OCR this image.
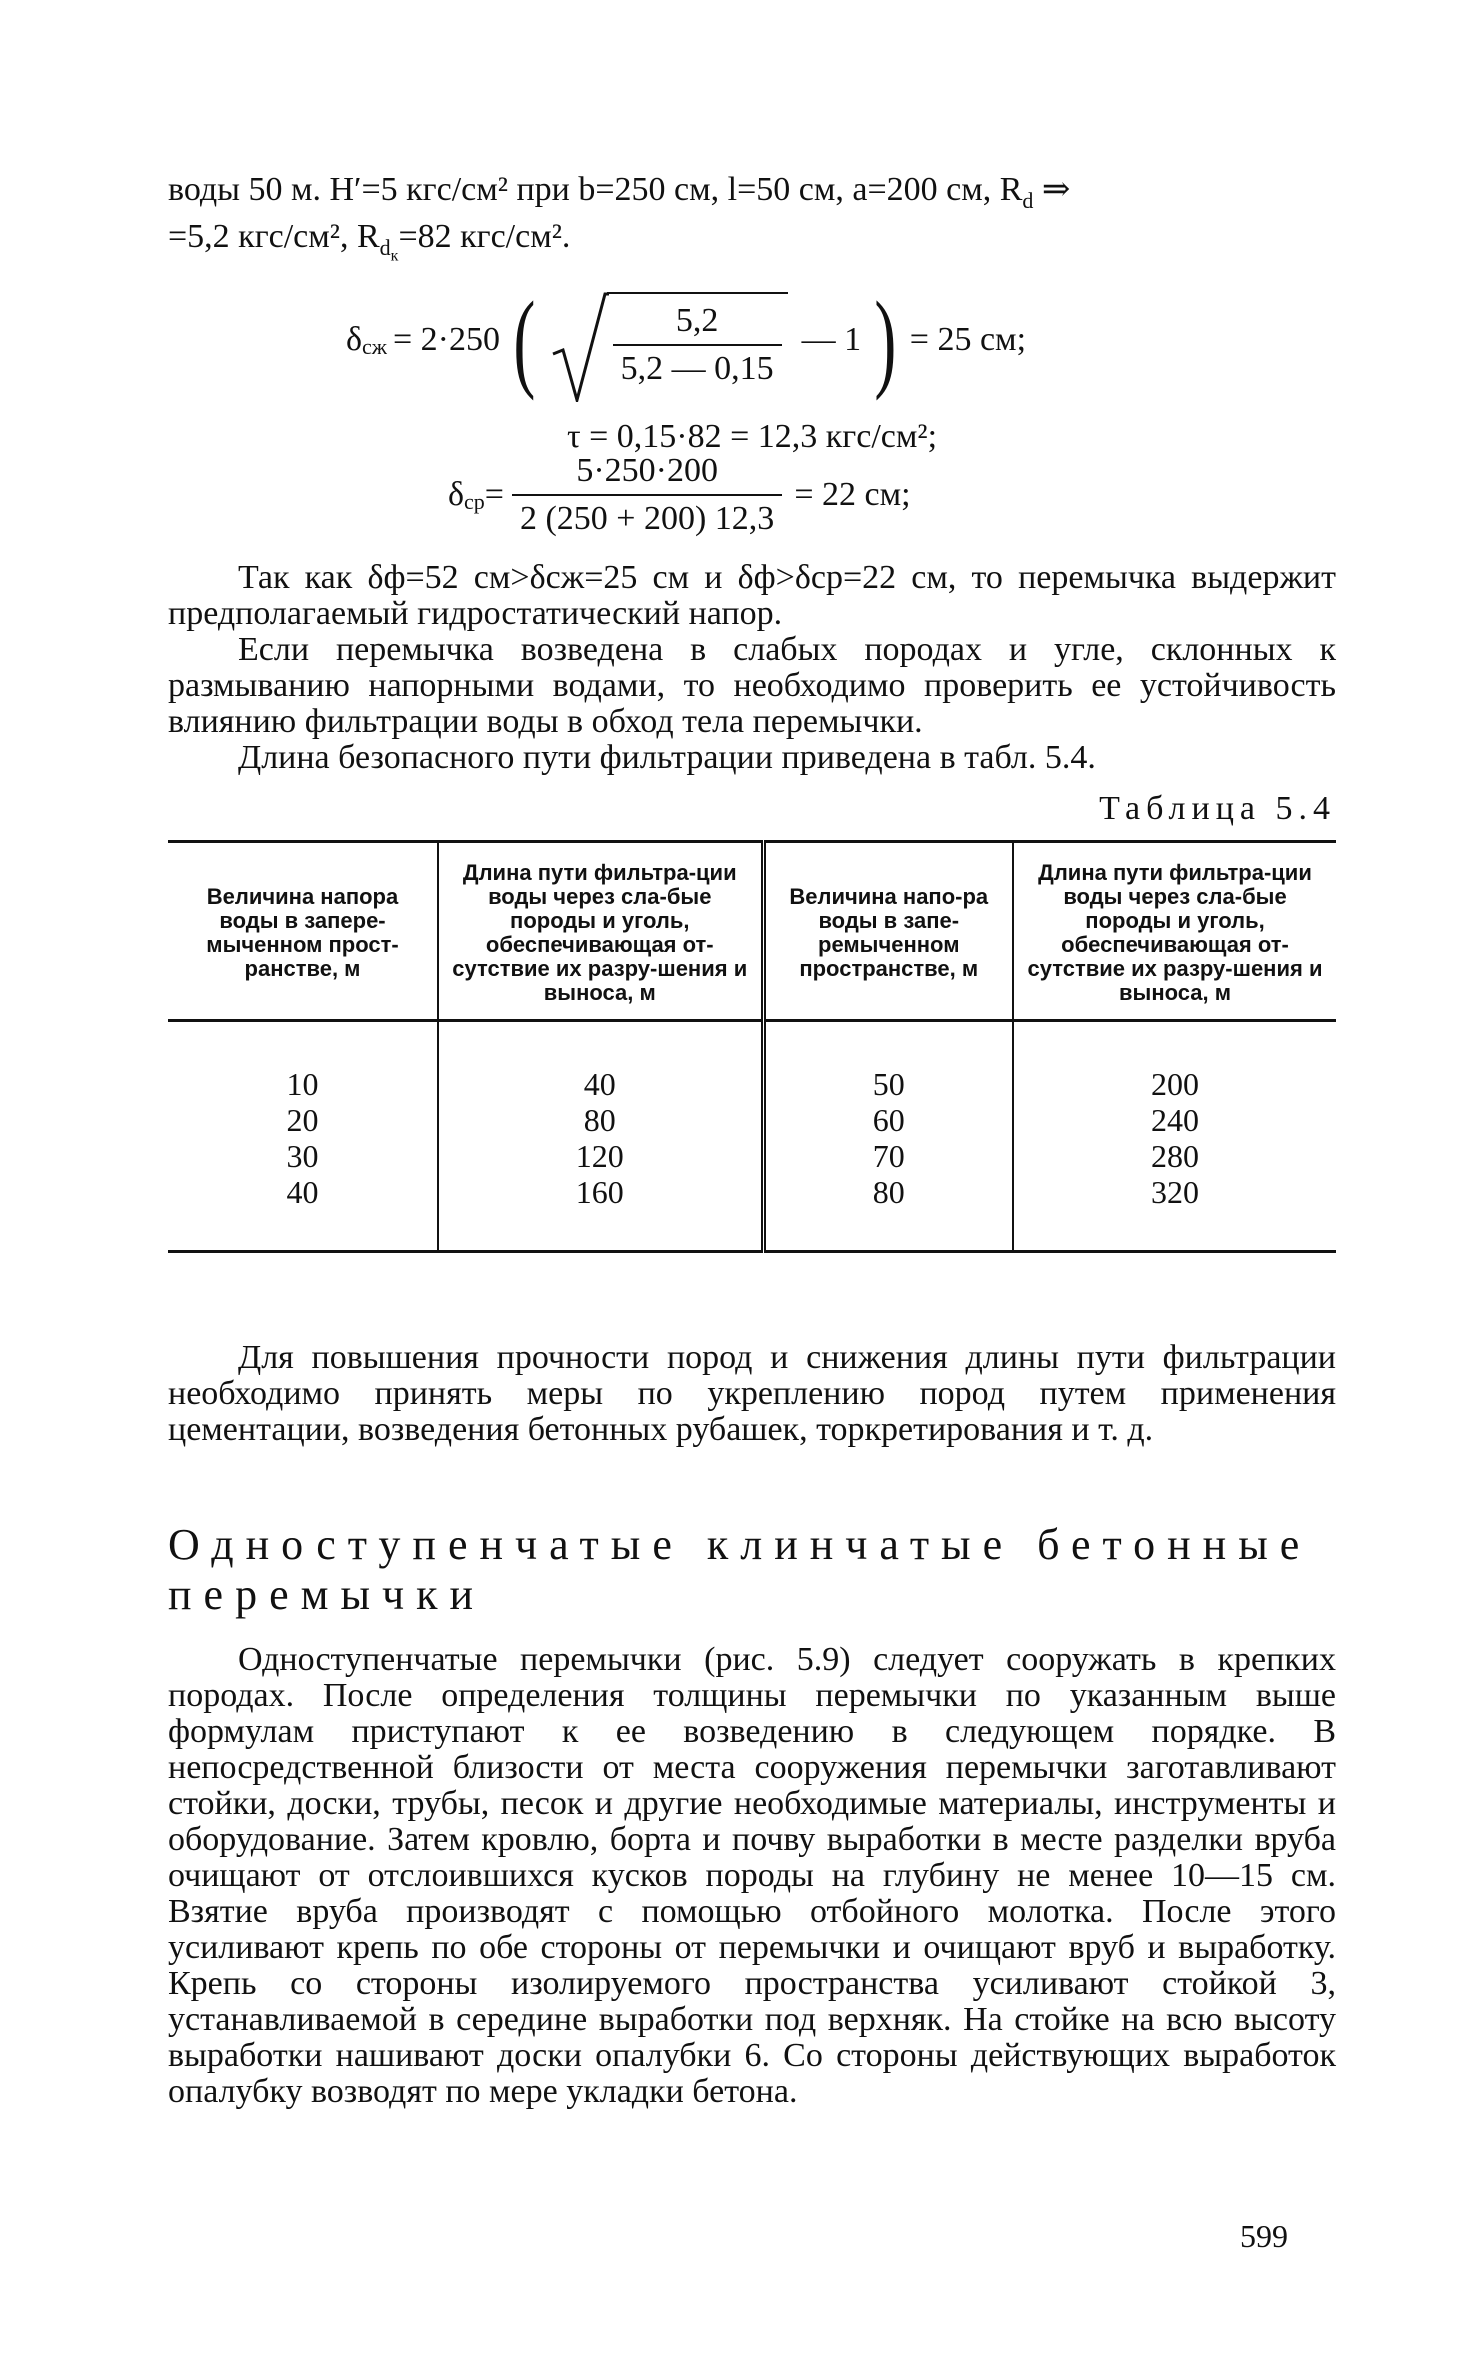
воды 50 м. H′=5 кгс/см² при b=250 см, l=50 см, a=200 см, $R_d$ ⇒

=5,2 кгс/см², $R_{d_к}=82$ кгс/см².

$\delta_{сж} = 2\cdot 250$ ( $\frac{5,2}{5,2 — 0,15}$ — 1 ) = 25 см;
τ = 0,15·82 = 12,3 кгс/см²;
$\delta_{ср} = \frac{5\cdot 250\cdot 200}{2 (250 + 200) 12,3} = 22$ см;

Так как δф=52 см>δсж=25 см и δф>δср=22 см, то перемычка выдержит предполагаемый гидростатический напор.

Если перемычка возведена в слабых породах и угле, склонных к размыванию напорными водами, то необходимо проверить ее устойчивость влиянию фильтрации воды в обход тела перемычки.

Длина безопасного пути фильтрации приведена в табл. 5.4.

Таблица 5.4
Величина напора воды в запере-мыченном прост-ранстве, м	Длина пути фильтра-ции воды через сла-бые породы и уголь, обеспечивающая от-сутствие их разру-шения и выноса, м	Величина напо-ра воды в запе-ремыченном пространстве, м	Длина пути фильтра-ции воды через сла-бые породы и уголь, обеспечивающая от-сутствие их разру-шения и выноса, м
10	40	50	200
20	80	60	240
30	120	70	280
40	160	80	320

Для повышения прочности пород и снижения длины пути фильтрации необходимо принять меры по укреплению пород путем применения цементации, возведения бетонных рубашек, торкретирования и т. д.

Одноступенчатые клинчатые бетонные перемычки

Одноступенчатые перемычки (рис. 5.9) следует сооружать в крепких породах. После определения толщины перемычки по указанным выше формулам приступают к ее возведению в следующем порядке. В непосредственной близости от места сооружения перемычки заготавливают стойки, доски, трубы, песок и другие необходимые материалы, инструменты и оборудование. Затем кровлю, борта и почву выработки в месте разделки вруба очищают от отслоившихся кусков породы на глубину не менее 10—15 см. Взятие вруба производят с помощью отбойного молотка. После этого усиливают крепь по обе стороны от перемычки и очищают вруб и выработку. Крепь со стороны изолируемого пространства усиливают стойкой 3, устанавливаемой в середине выработки под верхняк. На стойке на всю высоту выработки нашивают доски опалубки 6. Со стороны действующих выработок опалубку возводят по мере укладки бетона.

599
